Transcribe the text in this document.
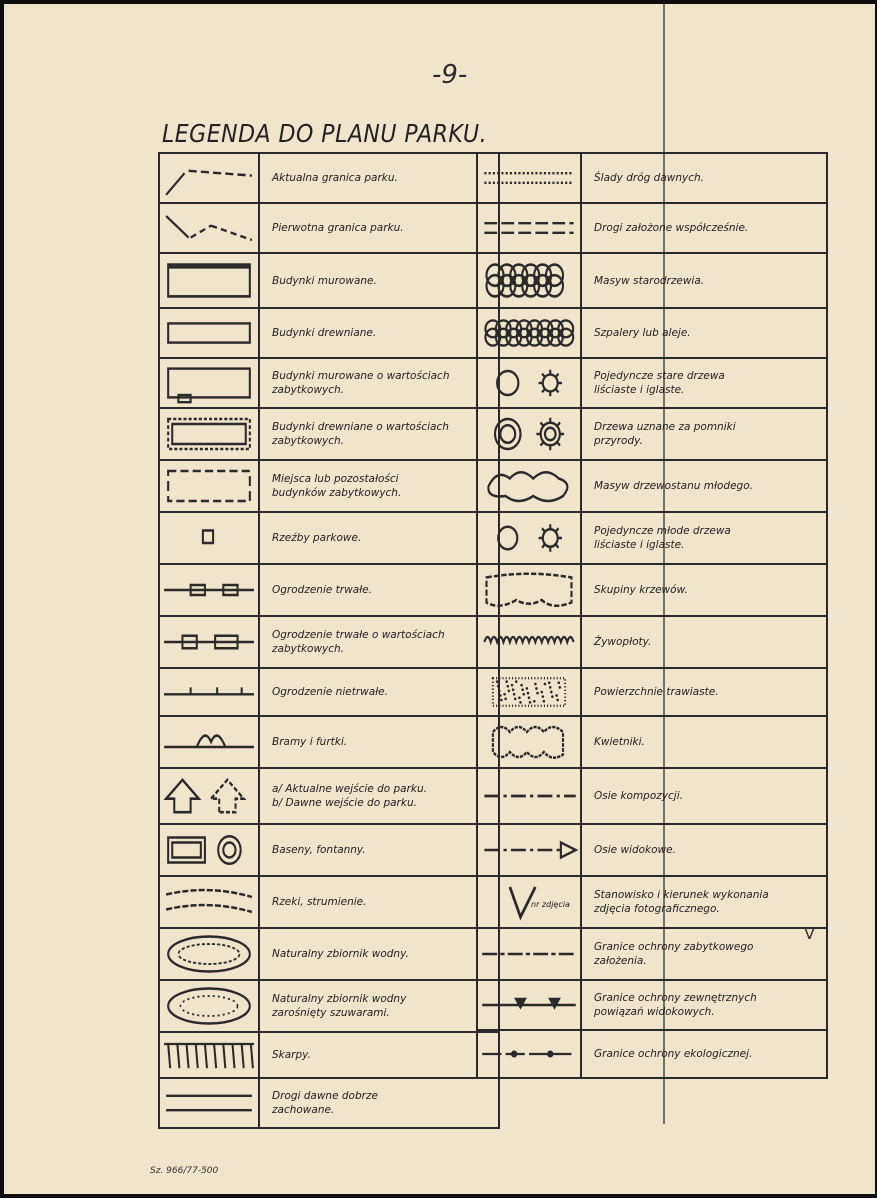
-9-
LEGENDA DO PLANU PARKU.
Aktualna granica parku.
Pierwotna granica parku.
Budynki murowane.
Budynki drewniane.
Budynki murowane o wartościach
zabytkowych.
Budynki drewniane o wartościach
zabytkowych.
Miejsca lub pozostałości
budynków zabytkowych.
Rzeźby parkowe.
Ogrodzenie trwałe.
Ogrodzenie trwałe o wartościach
zabytkowych.
Ogrodzenie nietrwałe.
Bramy i furtki.
a/ Aktualne wejście do parku.
b/ Dawne wejście do parku.
Baseny, fontanny.
Rzeki, strumienie.
Naturalny zbiornik wodny.
Naturalny zbiornik wodny
zarośnięty szuwarami.
Skarpy.
Drogi dawne dobrze
zachowane.
Ślady dróg dawnych.
Drogi założone współcześnie.
Masyw starodrzewia.
Szpalery lub aleje.
Pojedyncze stare drzewa
liściaste i iglaste.
Drzewa uznane za pomniki
przyrody.
Masyw drzewostanu młodego.
Pojedyncze młode drzewa
liściaste i iglaste.
Skupiny krzewów.
Żywopłoty.
Powierzchnie trawiaste.
Kwietniki.
Osie kompozycji.
Osie widokowe.
nr zdjęcia
Stanowisko i kierunek wykonania
zdjęcia fotograficznego.
Granice ochrony zabytkowego
założenia.
Granice ochrony zewnętrznych
powiązań widokowych.
Granice ochrony ekologicznej.
Sz. 966/77-500
V
